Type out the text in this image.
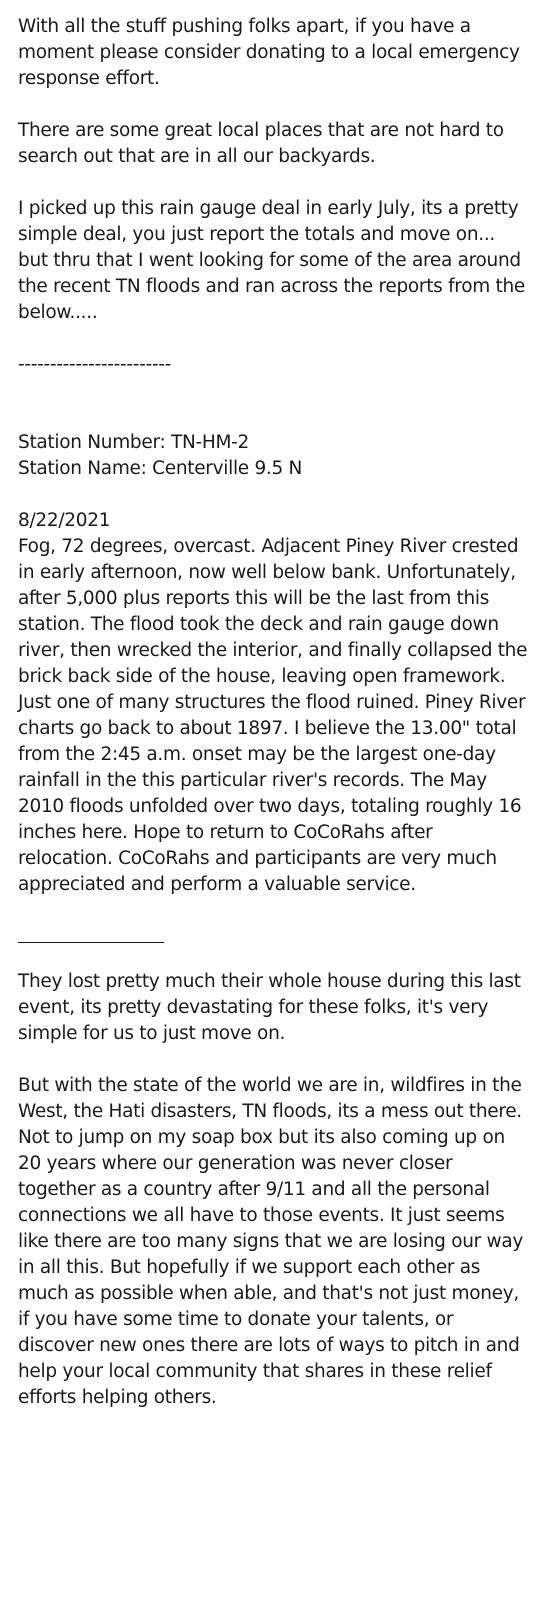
With all the stuff pushing folks apart, if you have a moment please consider donating to a local emergency response effort.

There are some great local places that are not hard to search out that are in all our backyards.

I picked up this rain gauge deal in early July, its a pretty simple deal, you just report the totals and move on... but thru that I went looking for some of the area around the recent TN floods and ran across the reports from the below.....

------------------------

Station Number: TN-HM-2

Station Name: Centerville 9.5 N

8/22/2021

Fog, 72 degrees, overcast. Adjacent Piney River crested in early afternoon, now well below bank. Unfortunately, after 5,000 plus reports this will be the last from this station. The flood took the deck and rain gauge down river, then wrecked the interior, and finally collapsed the brick back side of the house, leaving open framework. Just one of many structures the flood ruined. Piney River charts go back to about 1897. I believe the 13.00" total from the 2:45 a.m. onset may be the largest one-day rainfall in the this particular river's records. The May 2010 floods unfolded over two days, totaling roughly 16 inches here. Hope to return to CoCoRahs after relocation. CoCoRahs and participants are very much appreciated and perform a valuable service.

They lost pretty much their whole house during this last event, its pretty devastating for these folks, it's very simple for us to just move on.

But with the state of the world we are in, wildfires in the West, the Hati disasters, TN floods, its a mess out there.  Not to jump on my soap box but its also coming up on 20 years where our generation was never closer together as a country after 9/11 and all the personal connections we all have to those events. It just seems like there are too many signs that we are losing our way in all this. But hopefully if we support each other as much as possible when able, and that's not just money, if you have some time to donate your talents, or discover new ones there are lots of ways to pitch in and help your local community that shares in these relief efforts helping others.
